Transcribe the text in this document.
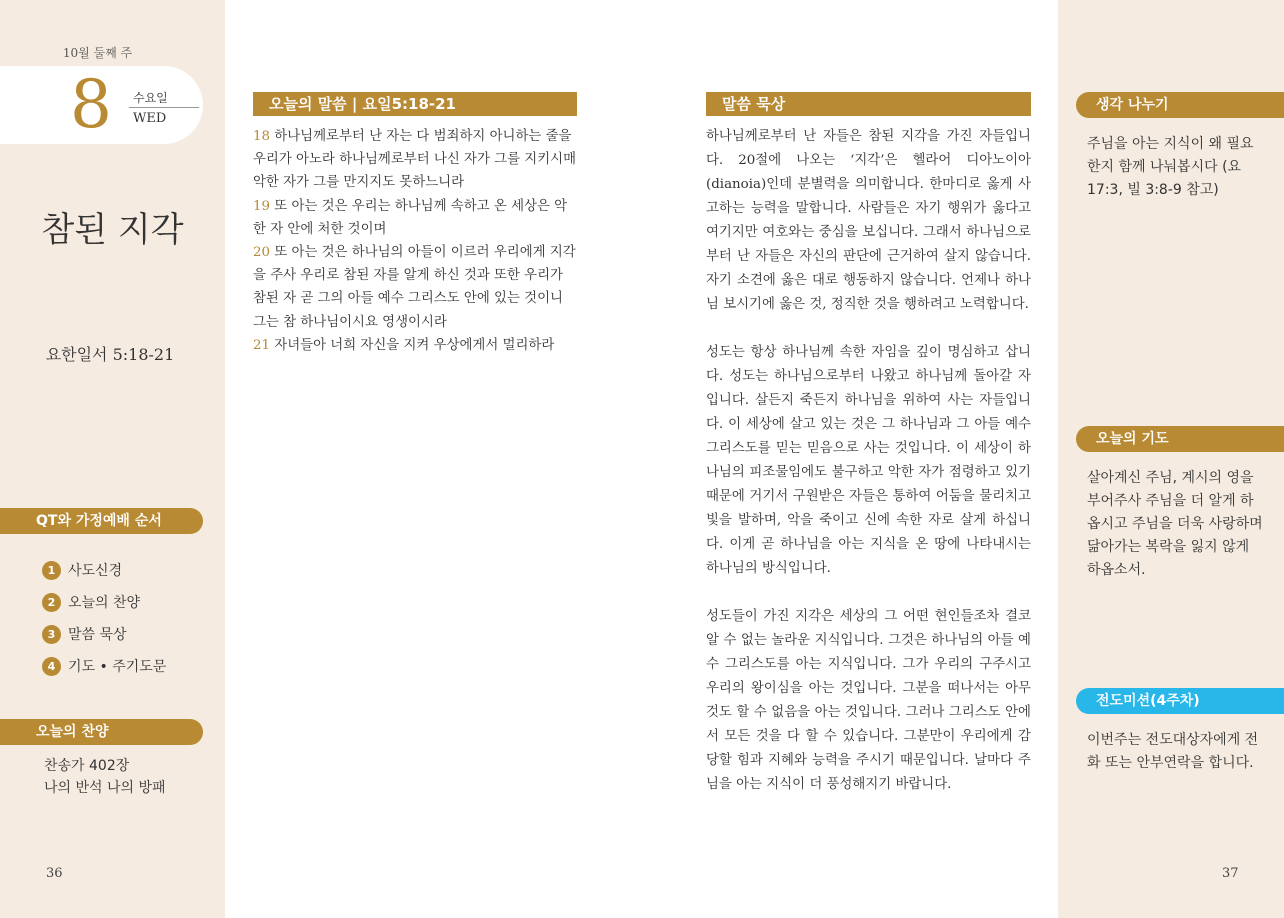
10월 둘째 주
8 수요일
WED
참된 지각
요한일서 5:18-21
QT와 가정예배 순서
1 사도신경
2 오늘의 찬양
3 말씀 묵상
4 기도 • 주기도문
오늘의 찬양
찬송가 402장
나의 반석 나의 방패
36
오늘의 말씀 | 요일5:18-21
18 하나님께로부터 난 자는 다 범죄하지 아니하는 줄을 우리가 아노라 하나님께로부터 나신 자가 그를 지키시매 악한 자가 그를 만지지도 못하느니라
19 또 아는 것은 우리는 하나님께 속하고 온 세상은 악한 자 안에 처한 것이며
20 또 아는 것은 하나님의 아들이 이르러 우리에게 지각을 주사 우리로 참된 자를 알게 하신 것과 또한 우리가 참된 자 곧 그의 아들 예수 그리스도 안에 있는 것이니 그는 참 하나님이시요 영생이시라
21 자녀들아 너희 자신을 지켜 우상에게서 멀리하라
말씀 묵상

하나님께로부터 난 자들은 참된 지각을 가진 자들입니다. 20절에 나오는 ‘지각’은 헬라어 디아노이아(dianoia)인데 분별력을 의미합니다. 한마디로 옳게 사고하는 능력을 말합니다. 사람들은 자기 행위가 옳다고 여기지만 여호와는 중심을 보십니다. 그래서 하나님으로부터 난 자들은 자신의 판단에 근거하여 살지 않습니다. 자기 소견에 옳은 대로 행동하지 않습니다. 언제나 하나님 보시기에 옳은 것, 정직한 것을 행하려고 노력합니다.

성도는 항상 하나님께 속한 자임을 깊이 명심하고 삽니다. 성도는 하나님으로부터 나왔고 하나님께 돌아갈 자입니다. 살든지 죽든지 하나님을 위하여 사는 자들입니다. 이 세상에 살고 있는 것은 그 하나님과 그 아들 예수 그리스도를 믿는 믿음으로 사는 것입니다. 이 세상이 하나님의 피조물임에도 불구하고 악한 자가 점령하고 있기 때문에 거기서 구원받은 자들은 통하여 어둠을 물리치고 빛을 발하며, 악을 죽이고 신에 속한 자로 살게 하십니다. 이게 곧 하나님을 아는 지식을 온 땅에 나타내시는 하나님의 방식입니다.

성도들이 가진 지각은 세상의 그 어떤 현인들조차 결코 알 수 없는 놀라운 지식입니다. 그것은 하나님의 아들 예수 그리스도를 아는 지식입니다. 그가 우리의 구주시고 우리의 왕이심을 아는 것입니다. 그분을 떠나서는 아무것도 할 수 없음을 아는 것입니다. 그러나 그리스도 안에서 모든 것을 다 할 수 있습니다. 그분만이 우리에게 감당할 힘과 지혜와 능력을 주시기 때문입니다. 날마다 주님을 아는 지식이 더 풍성해지기 바랍니다.

생각 나누기
주님을 아는 지식이 왜 필요한지 함께 나눠봅시다 (요 17:3, 빌 3:8-9 참고)
오늘의 기도
살아계신 주님, 계시의 영을 부어주사 주님을 더 알게 하옵시고 주님을 더욱 사랑하며 닮아가는 복락을 잃지 않게 하옵소서.
전도미션(4주차)
이번주는 전도대상자에게 전화 또는 안부연락을 합니다.
37
